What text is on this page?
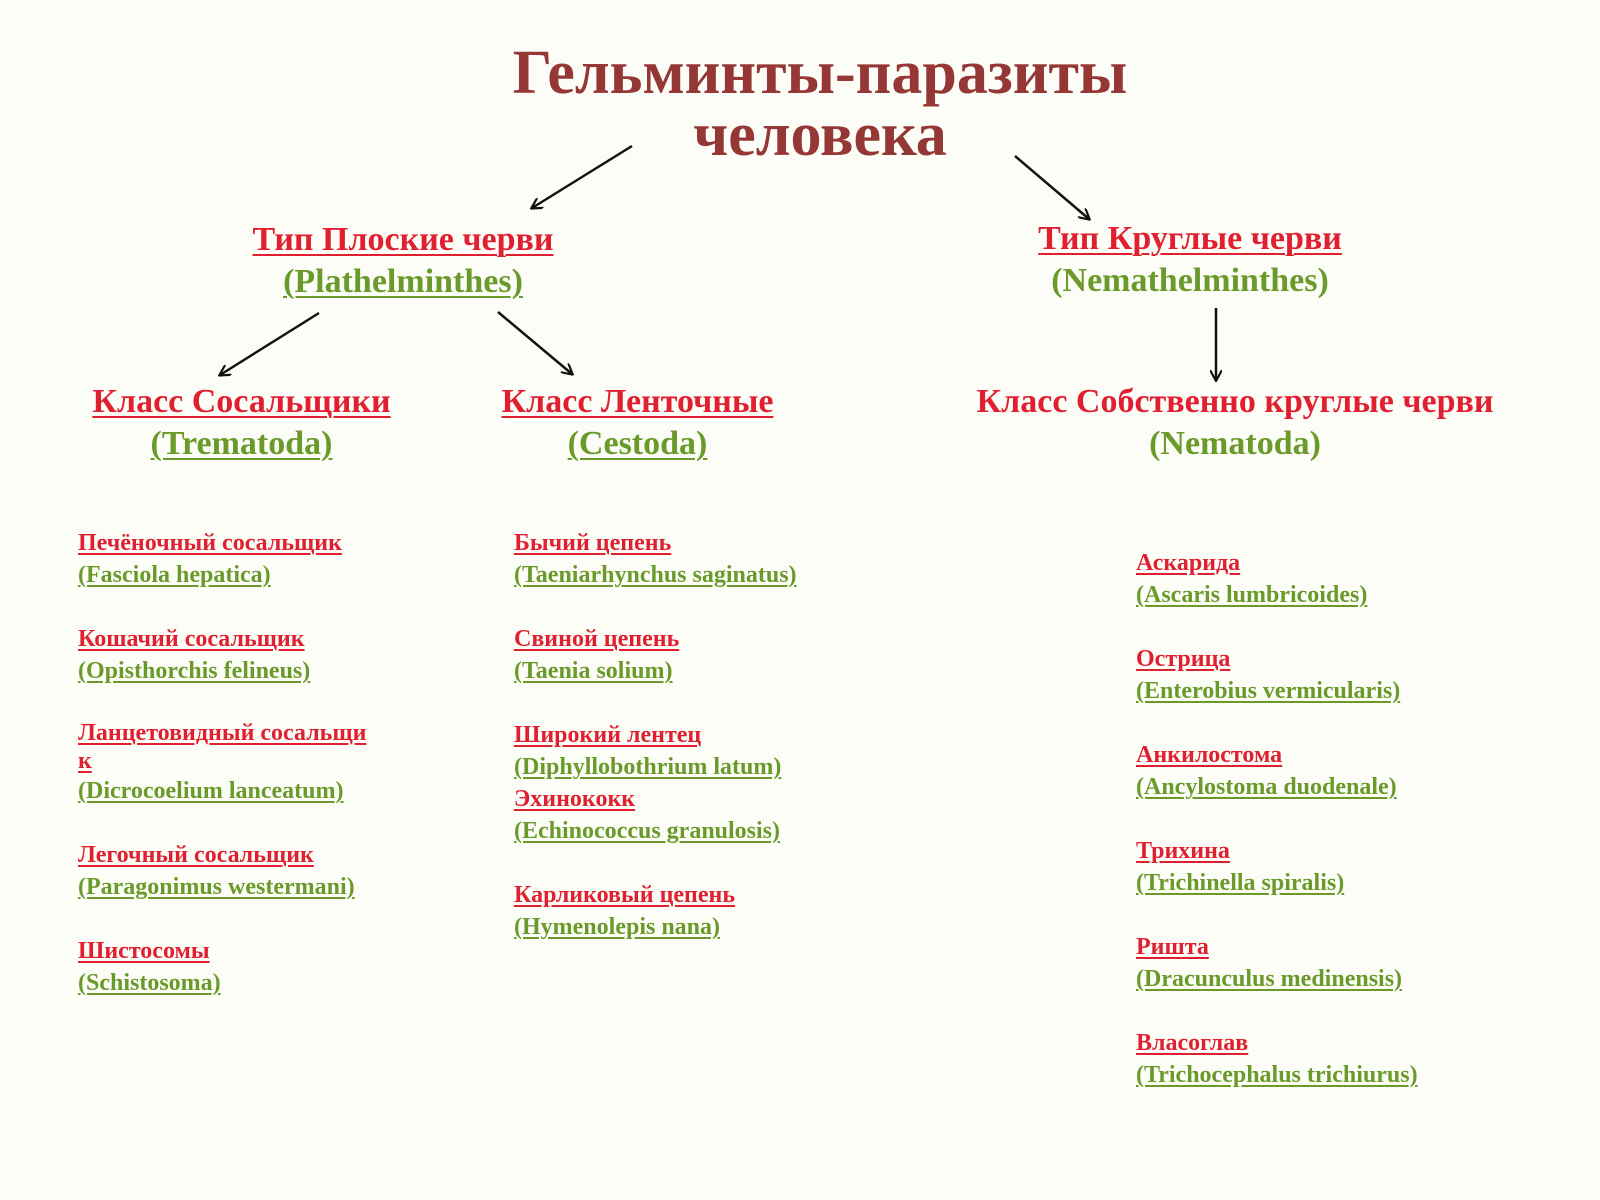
Гельминты-паразиты
человека
Тип Плоские черви
(Plathelminthes)
Тип Круглые черви
(Nemathelminthes)
Класс Сосальщики
(Trematoda)
Класс Ленточные
(Cestoda)
Класс Собственно круглые черви
(Nematoda)
Печёночный сосальщик
(Fasciola hepatica)
Кошачий сосальщик
(Opisthorchis felineus)
Ланцетовидный сосальщи
к
(Dicrocoelium lanceatum)
Легочный сосальщик
(Paragonimus westermani)
Шистосомы
(Schistosoma)
Бычий цепень
(Taeniarhynchus saginatus)
Свиной цепень
(Taenia solium)
Широкий лентец
(Diphyllobothrium latum)
Эхинококк
(Echinococcus granulosis)
Карликовый цепень
(Hymenolepis nana)
Аскарида
(Ascaris lumbricoides)
Острица
(Enterobius vermicularis)
Анкилостома
(Ancylostoma duodenale)
Трихина
(Trichinella spiralis)
Ришта
(Dracunculus medinensis)
Власоглав
(Trichocephalus trichiurus)
